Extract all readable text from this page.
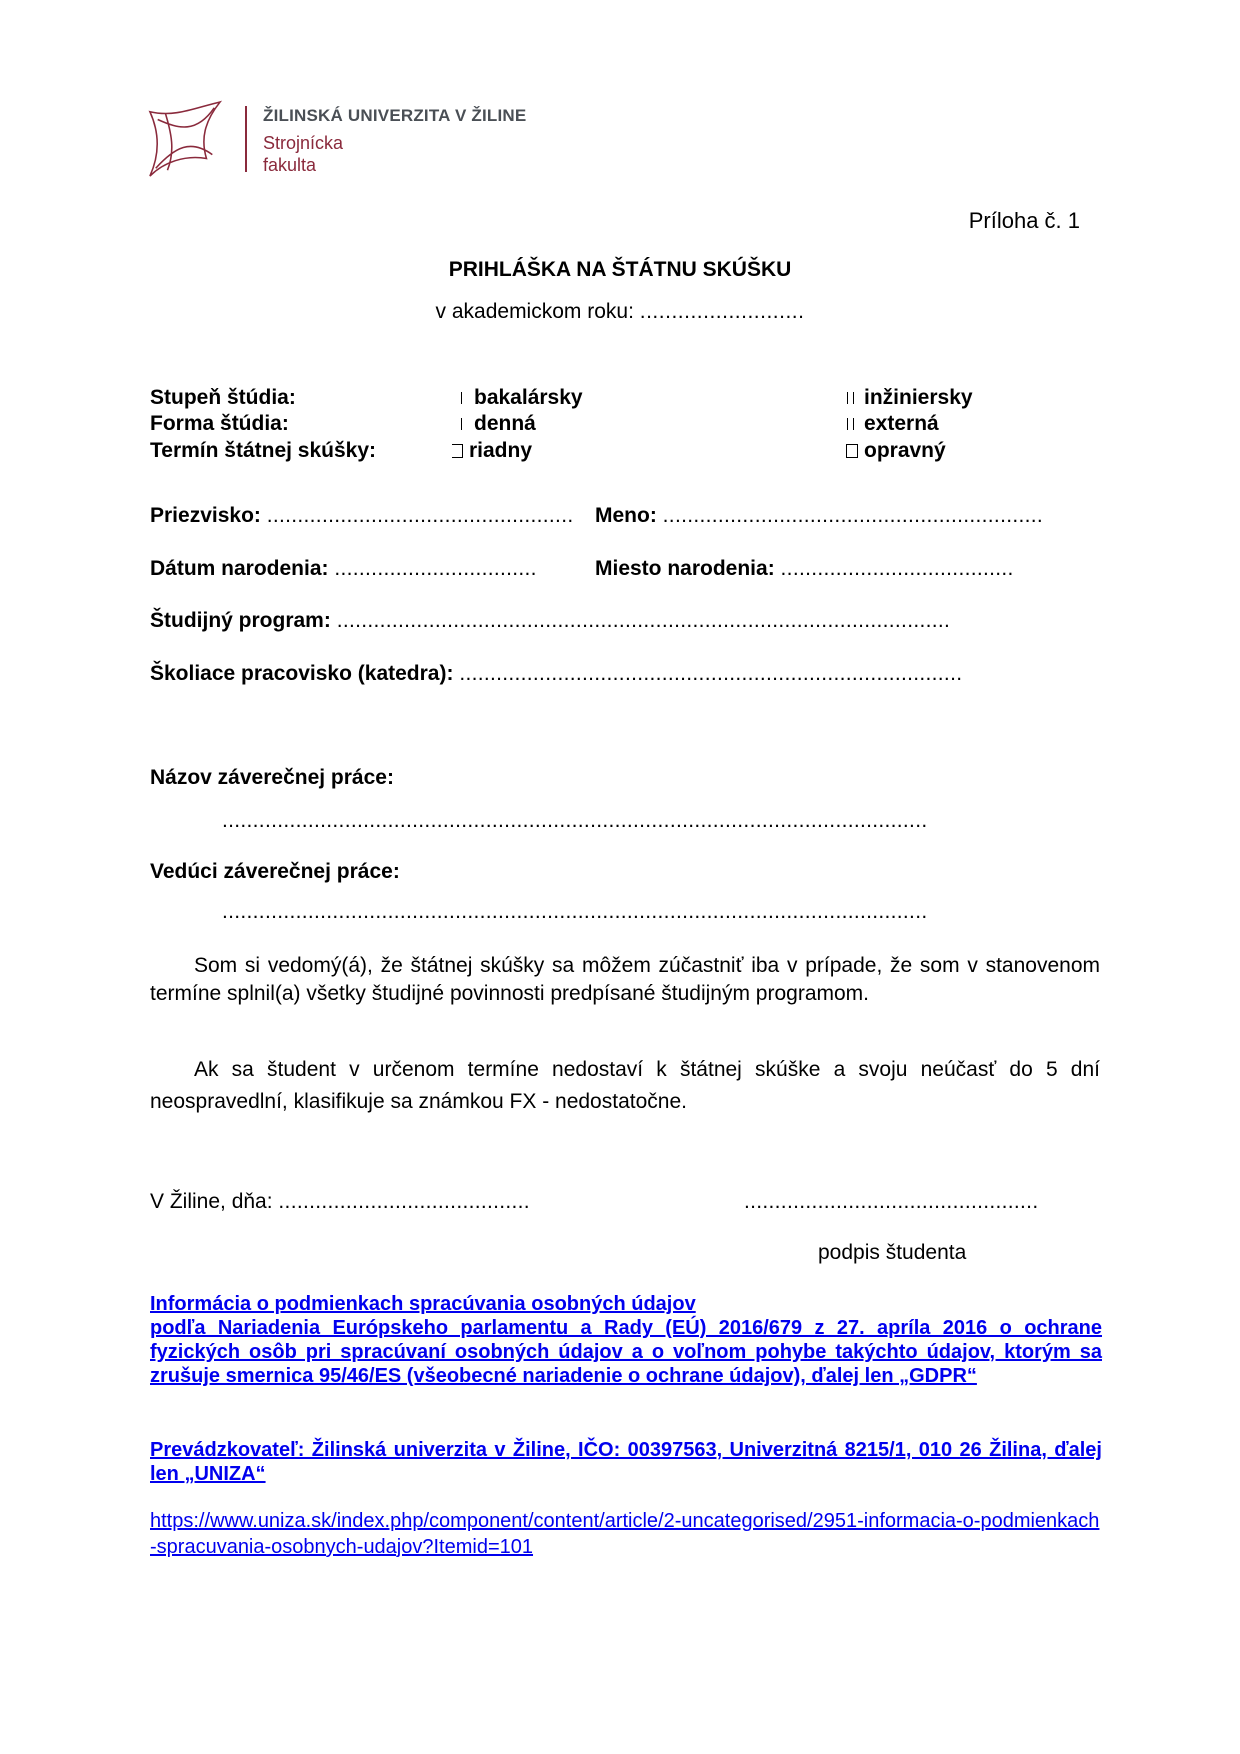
ŽILINSKÁ UNIVERZITA V ŽILINE
Strojnícka
fakulta
Príloha č. 1
PRIHLÁŠKA NA ŠTÁTNU SKÚŠKU
v akademickom roku: ..........................
Stupeň štúdia:	bakalársky	inžiniersky
Forma štúdia:	denná	externá
Termín štátnej skúšky:	riadny	opravný
Priezvisko: .................................................. Meno: ..............................................................
Dátum narodenia: .................................	Miesto narodenia: ......................................
Študijný program: ....................................................................................................
Školiace pracovisko (katedra): ..................................................................................
Názov záverečnej práce:
...................................................................................................................
Vedúci záverečnej práce:
...................................................................................................................
Som si vedomý(á), že štátnej skúšky sa môžem zúčastniť iba v prípade, že som v stanovenom termíne splnil(a) všetky študijné povinnosti predpísané študijným programom.
Ak sa študent v určenom termíne nedostaví k štátnej skúške a svoju neúčasť do 5 dní neospravedlní, klasifikuje sa známkou FX - nedostatočne.
V Žiline, dňa: .........................................	................................................
podpis študenta
Informácia o podmienkach spracúvania osobných údajov
podľa Nariadenia Európskeho parlamentu a Rady (EÚ) 2016/679 z 27. apríla 2016 o ochrane fyzických osôb pri spracúvaní osobných údajov a o voľnom pohybe takýchto údajov, ktorým sa zrušuje smernica 95/46/ES (všeobecné nariadenie o ochrane údajov), ďalej len „GDPR“
Prevádzkovateľ: Žilinská univerzita v Žiline, IČO: 00397563, Univerzitná 8215/1, 010 26 Žilina, ďalej len „UNIZA“
https://www.uniza.sk/index.php/component/content/article/2-uncategorised/2951-informacia-o-podmienkach-spracuvania-osobnych-udajov?Itemid=101
